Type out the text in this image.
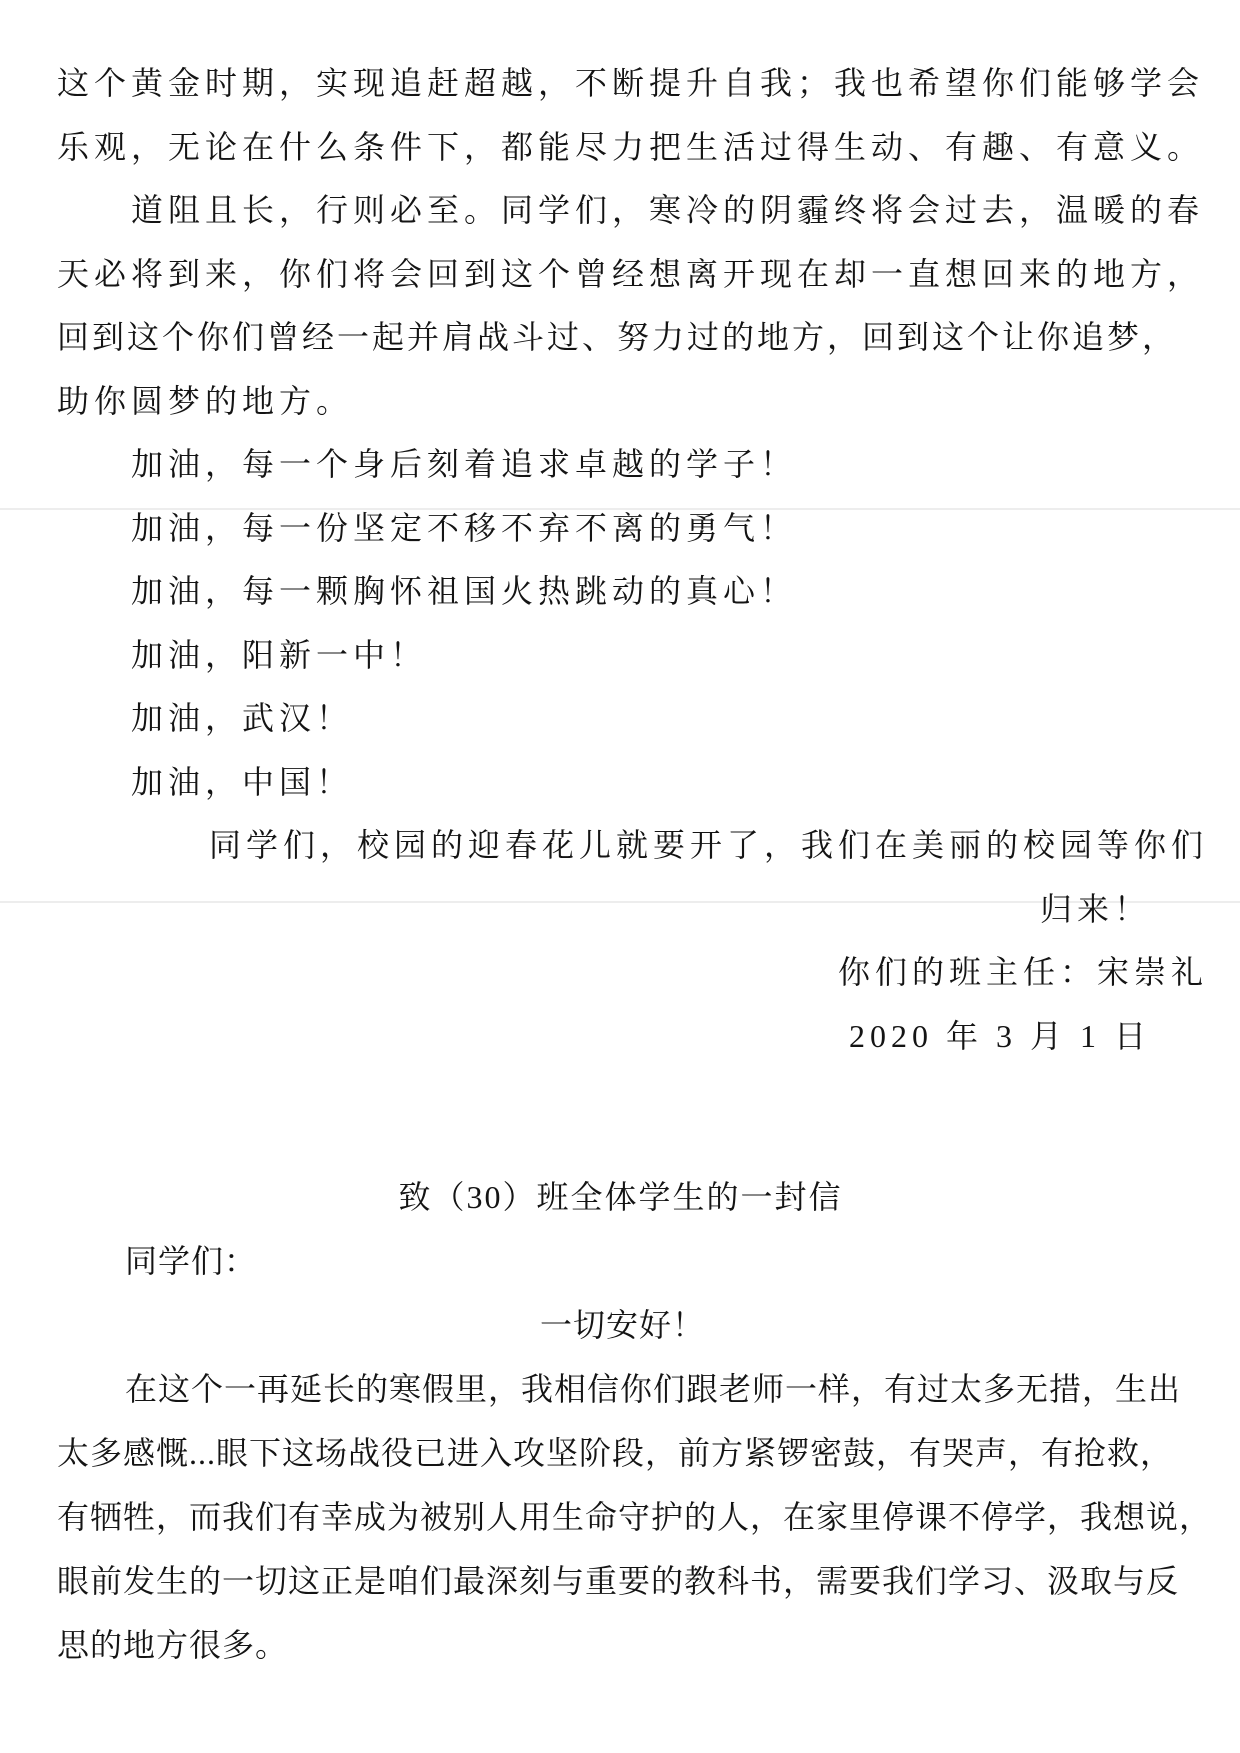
这个黄金时期，实现追赶超越，不断提升自我；我也希望你们能够学会
乐观，无论在什么条件下，都能尽力把生活过得生动、有趣、有意义。
道阻且长，行则必至。同学们，寒冷的阴霾终将会过去，温暖的春
天必将到来，你们将会回到这个曾经想离开现在却一直想回来的地方，
回到这个你们曾经一起并肩战斗过、努力过的地方，回到这个让你追梦，
助你圆梦的地方。
加油，每一个身后刻着追求卓越的学子！
加油，每一份坚定不移不弃不离的勇气！
加油，每一颗胸怀祖国火热跳动的真心！
加油，阳新一中！
加油，武汉！
加油，中国！
同学们，校园的迎春花儿就要开了，我们在美丽的校园等你们
归来！
你们的班主任：宋崇礼
2020 年 3 月 1 日
致（30）班全体学生的一封信
同学们：
一切安好！
在这个一再延长的寒假里，我相信你们跟老师一样，有过太多无措，生出
太多感慨...眼下这场战役已进入攻坚阶段，前方紧锣密鼓，有哭声，有抢救，
有牺牲，而我们有幸成为被别人用生命守护的人，在家里停课不停学，我想说，
眼前发生的一切这正是咱们最深刻与重要的教科书，需要我们学习、汲取与反
思的地方很多。
